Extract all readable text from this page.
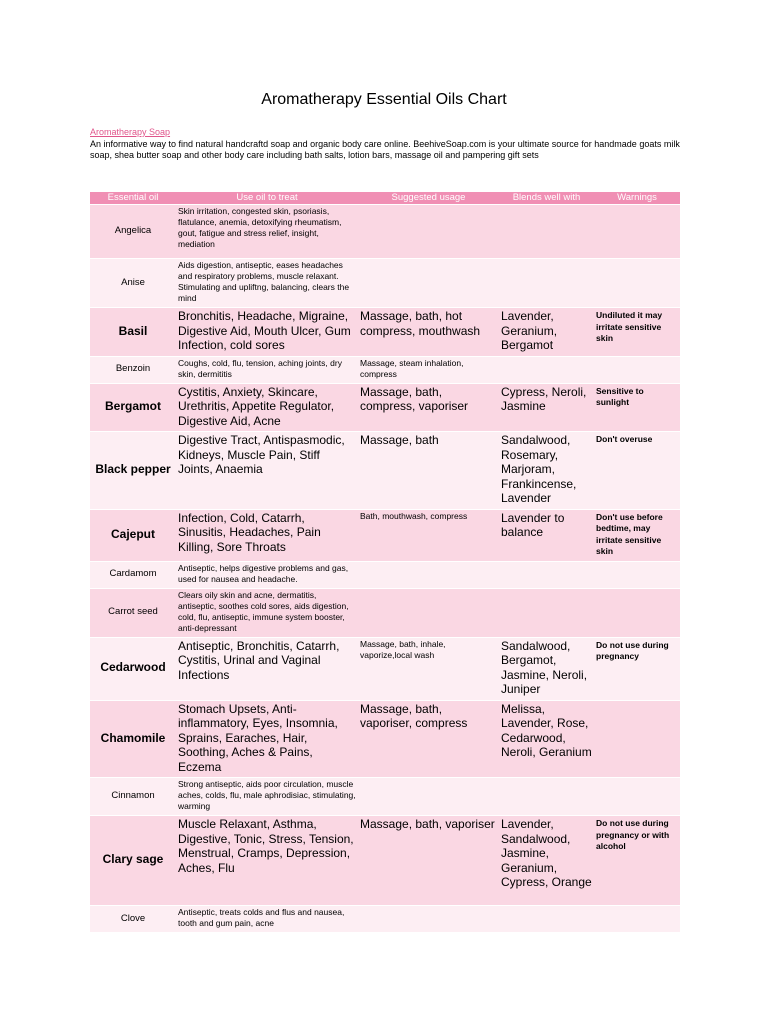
Aromatherapy Essential Oils Chart
Aromatherapy Soap

An informative way to find natural handcraftd soap and organic body care online. BeehiveSoap.com is your ultimate source for handmade goats milk soap, shea butter soap and other body care including bath salts, lotion bars, massage oil and pampering gift sets

Essential oil	Use oil to treat	Suggested usage	Blends well with	Warnings
Angelica	Skin irritation, congested skin, psoriasis, flatulance, anemia, detoxifying rheumatism, gout, fatigue and stress relief, insight, mediation			
Anise	Aids digestion, antiseptic, eases headaches and respiratory problems, muscle relaxant. Stimulating and upliftng, balancing, clears the mind			
Basil	Bronchitis, Headache, Migraine, Digestive Aid, Mouth Ulcer, Gum Infection, cold sores	Massage, bath, hot compress, mouthwash	Lavender, Geranium, Bergamot	Undiluted it may irritate sensitive skin
Benzoin	Coughs, cold, flu, tension, aching joints, dry skin, dermititis	Massage, steam inhalation, compress		
Bergamot	Cystitis, Anxiety, Skincare, Urethritis, Appetite Regulator, Digestive Aid, Acne	Massage, bath, compress, vaporiser	Cypress, Neroli, Jasmine	Sensitive to sunlight
Black pepper	Digestive Tract, Antispasmodic, Kidneys, Muscle Pain, Stiff Joints, Anaemia	Massage, bath	Sandalwood, Rosemary, Marjoram, Frankincense, Lavender	Don't overuse
Cajeput	Infection, Cold, Catarrh, Sinusitis, Headaches, Pain Killing, Sore Throats	Bath, mouthwash, compress	Lavender to balance	Don't use before bedtime, may irritate sensitive skin
Cardamom	Antiseptic, helps digestive problems and gas, used for nausea and headache.			
Carrot seed	Clears oily skin and acne, dermatitis, antiseptic, soothes cold sores, aids digestion, cold, flu, antiseptic, immune system booster, anti-depressant			
Cedarwood	Antiseptic, Bronchitis, Catarrh, Cystitis, Urinal and Vaginal Infections	Massage, bath, inhale, vaporize,local wash	Sandalwood, Bergamot, Jasmine, Neroli, Juniper	Do not use during pregnancy
Chamomile	Stomach Upsets, Anti-inflammatory, Eyes, Insomnia, Sprains, Earaches, Hair, Soothing, Aches & Pains, Eczema	Massage, bath, vaporiser, compress	Melissa, Lavender, Rose, Cedarwood, Neroli, Geranium	
Cinnamon	Strong antiseptic, aids poor circulation, muscle aches, colds, flu, male aphrodisiac, stimulating, warming			
Clary sage	Muscle Relaxant, Asthma, Digestive, Tonic, Stress, Tension, Menstrual, Cramps, Depression, Aches, Flu	Massage, bath, vaporiser	Lavender, Sandalwood, Jasmine, Geranium, Cypress, Orange	Do not use during pregnancy or with alcohol
Clove	Antiseptic, treats colds and flus and nausea, tooth and gum pain, acne			
